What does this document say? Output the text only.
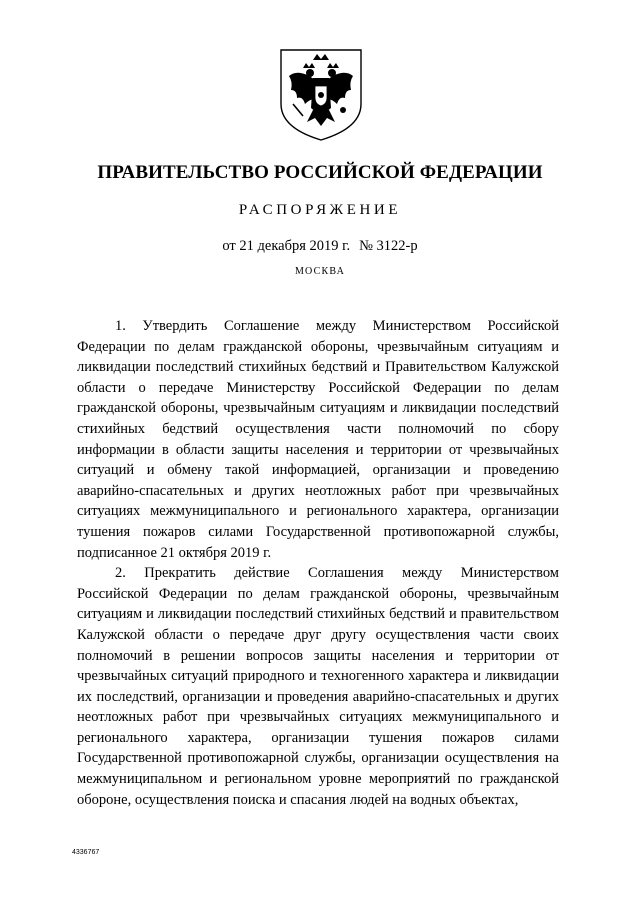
ПРАВИТЕЛЬСТВО РОССИЙСКОЙ ФЕДЕРАЦИИ
РАСПОРЯЖЕНИЕ
от 21 декабря 2019 г. № 3122-р
МОСКВА

1. Утвердить Соглашение между Министерством Российской Федерации по делам гражданской обороны, чрезвычайным ситуациям и ликвидации последствий стихийных бедствий и Правительством Калужской области о передаче Министерству Российской Федерации по делам гражданской обороны, чрезвычайным ситуациям и ликвидации последствий стихийных бедствий осуществления части полномочий по сбору информации в области защиты населения и территории от чрезвычайных ситуаций и обмену такой информацией, организации и проведению аварийно-спасательных и других неотложных работ при чрезвычайных ситуациях межмуниципального и регионального характера, организации тушения пожаров силами Государственной противопожарной службы, подписанное 21 октября 2019 г.

2. Прекратить действие Соглашения между Министерством Российской Федерации по делам гражданской обороны, чрезвычайным ситуациям и ликвидации последствий стихийных бедствий и правительством Калужской области о передаче друг другу осуществления части своих полномочий в решении вопросов защиты населения и территории от чрезвычайных ситуаций природного и техногенного характера и ликвидации их последствий, организации и проведения аварийно-спасательных и других неотложных работ при чрезвычайных ситуациях межмуниципального и регионального характера, организации тушения пожаров силами Государственной противопожарной службы, организации осуществления на межмуниципальном и региональном уровне мероприятий по гражданской обороне, осуществления поиска и спасания людей на водных объектах,

4336767
